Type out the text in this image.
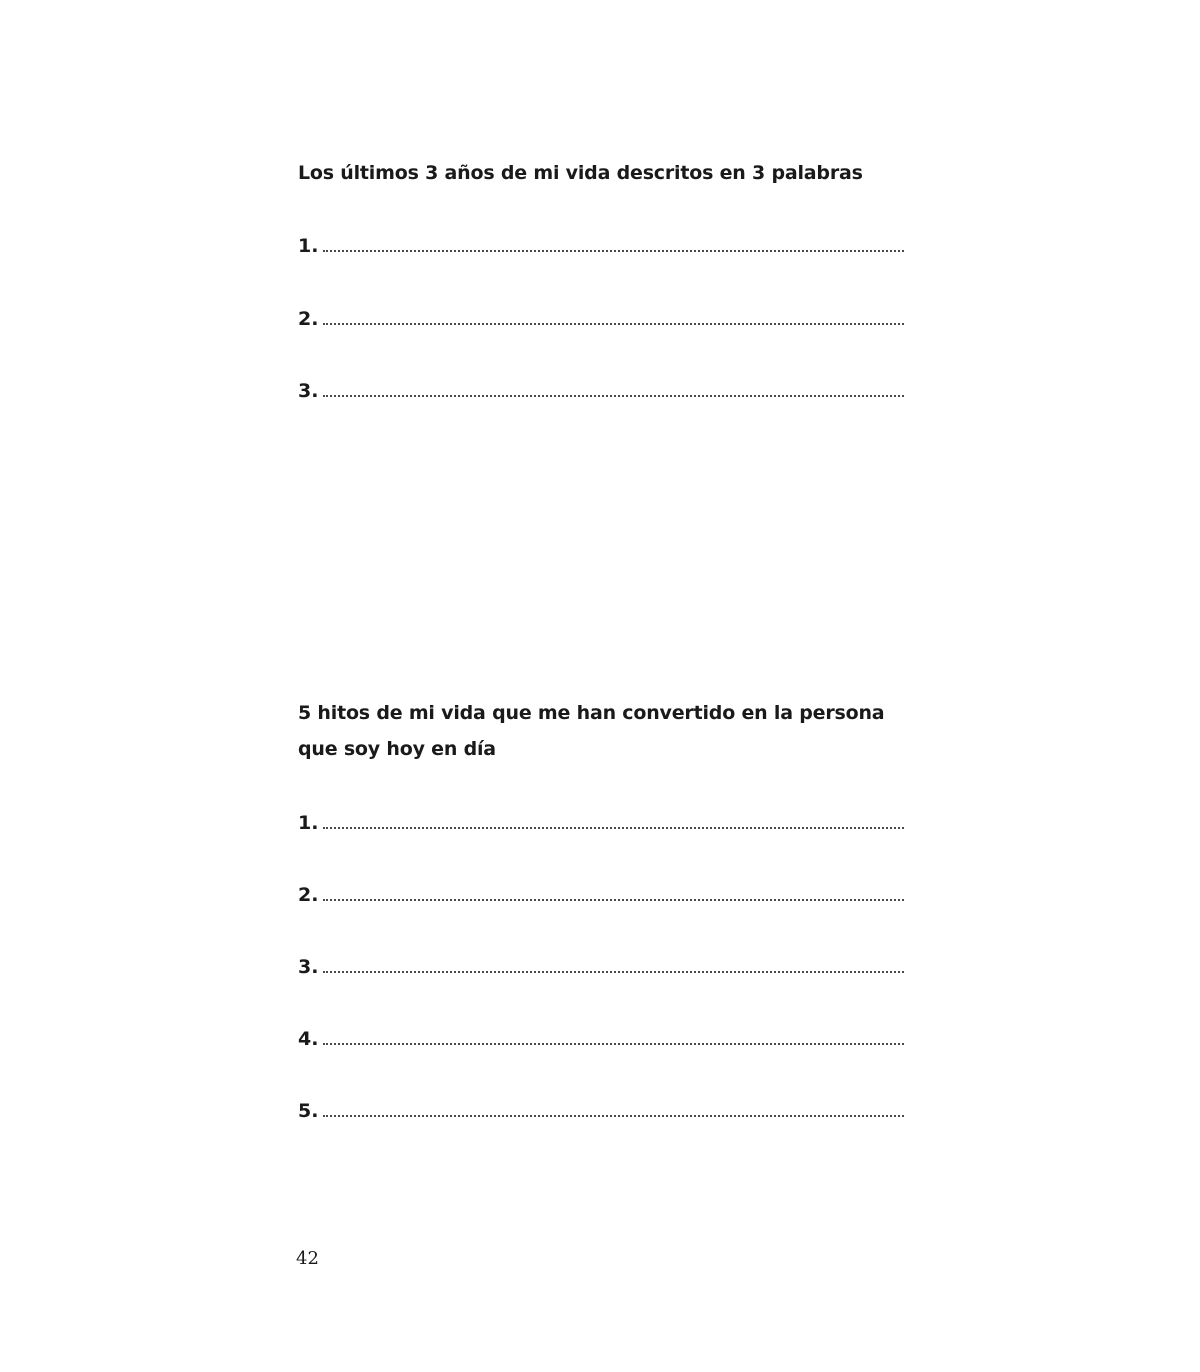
Los últimos 3 años de mi vida descritos en 3 palabras
1.
2.
3.
5 hitos de mi vida que me han convertido en la persona que soy hoy en día
1.
2.
3.
4.
5.

42
